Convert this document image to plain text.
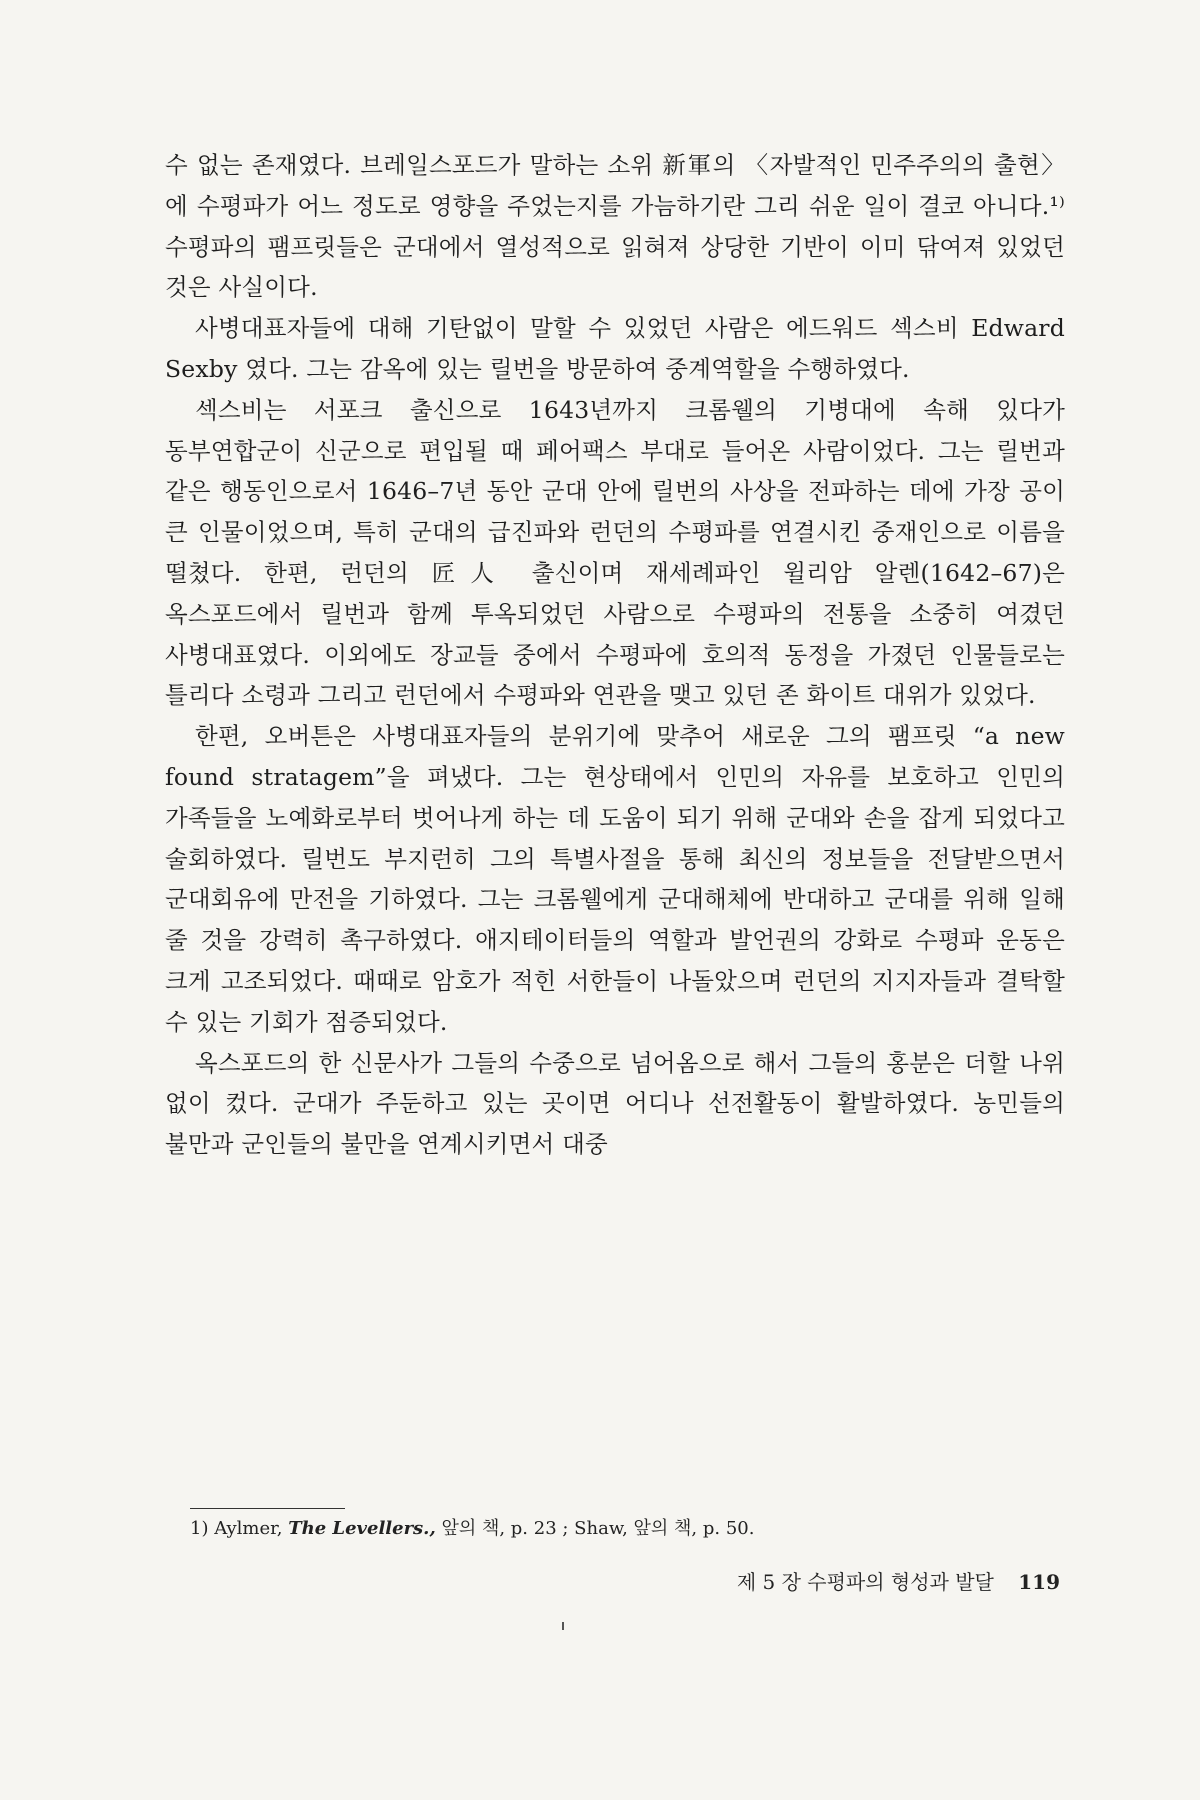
수 없는 존재였다. 브레일스포드가 말하는 소위 新軍의 〈자발적인 민주주의의 출현〉에 수평파가 어느 정도로 영향을 주었는지를 가늠하기란 그리 쉬운 일이 결코 아니다.¹⁾ 수평파의 팸프릿들은 군대에서 열성적으로 읽혀져 상당한 기반이 이미 닦여져 있었던 것은 사실이다.

사병대표자들에 대해 기탄없이 말할 수 있었던 사람은 에드워드 섹스비 Edward Sexby 였다. 그는 감옥에 있는 릴번을 방문하여 중계역할을 수행하였다.

섹스비는 서포크 출신으로 1643년까지 크롬웰의 기병대에 속해 있다가 동부연합군이 신군으로 편입될 때 페어팩스 부대로 들어온 사람이었다. 그는 릴번과 같은 행동인으로서 1646–7년 동안 군대 안에 릴번의 사상을 전파하는 데에 가장 공이 큰 인물이었으며, 특히 군대의 급진파와 런던의 수평파를 연결시킨 중재인으로 이름을 떨쳤다. 한편, 런던의 匠人 출신이며 재세례파인 윌리암 알렌(1642–67)은 옥스포드에서 릴번과 함께 투옥되었던 사람으로 수평파의 전통을 소중히 여겼던 사병대표였다. 이외에도 장교들 중에서 수평파에 호의적 동정을 가졌던 인물들로는 틀리다 소령과 그리고 런던에서 수평파와 연관을 맺고 있던 존 화이트 대위가 있었다.

한편, 오버튼은 사병대표자들의 분위기에 맞추어 새로운 그의 팸프릿 “a new found stratagem”을 펴냈다. 그는 현상태에서 인민의 자유를 보호하고 인민의 가족들을 노예화로부터 벗어나게 하는 데 도움이 되기 위해 군대와 손을 잡게 되었다고 술회하였다. 릴번도 부지런히 그의 특별사절을 통해 최신의 정보들을 전달받으면서 군대회유에 만전을 기하였다. 그는 크롬웰에게 군대해체에 반대하고 군대를 위해 일해 줄 것을 강력히 촉구하였다. 애지테이터들의 역할과 발언권의 강화로 수평파 운동은 크게 고조되었다. 때때로 암호가 적힌 서한들이 나돌았으며 런던의 지지자들과 결탁할 수 있는 기회가 점증되었다.

옥스포드의 한 신문사가 그들의 수중으로 넘어옴으로 해서 그들의 홍분은 더할 나위 없이 컸다. 군대가 주둔하고 있는 곳이면 어디나 선전활동이 활발하였다. 농민들의 불만과 군인들의 불만을 연계시키면서 대중

1) Aylmer, The Levellers., 앞의 책, p. 23 ; Shaw, 앞의 책, p. 50.
제 5 장 수평파의 형성과 발달 119
